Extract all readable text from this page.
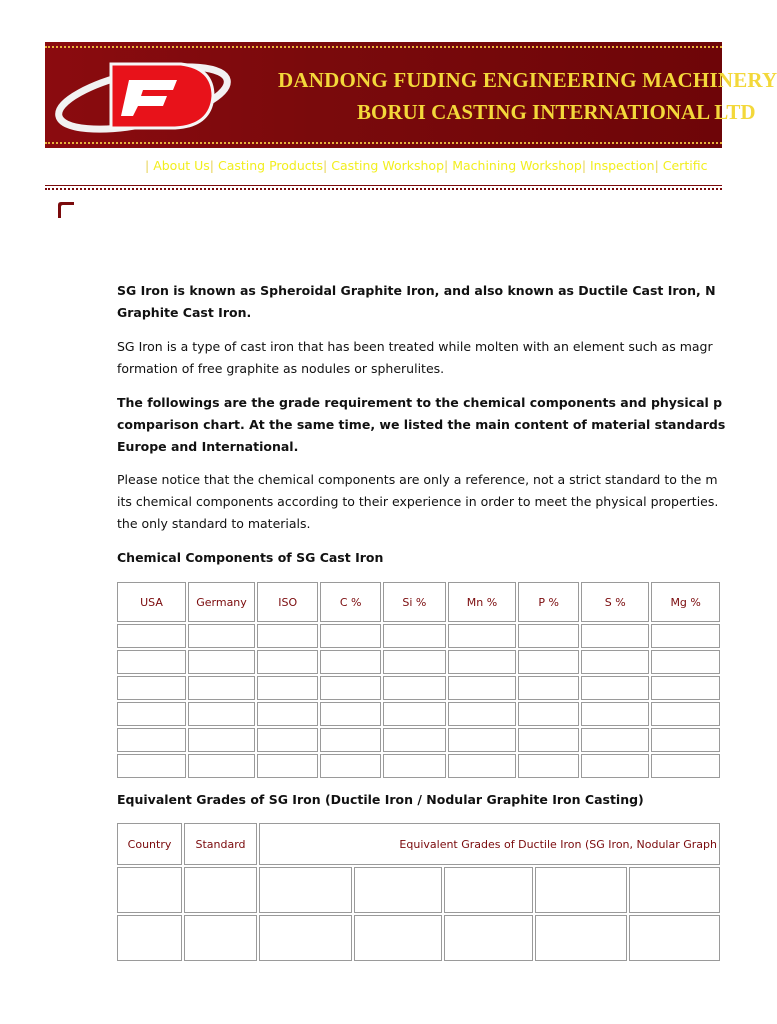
DANDONG FUDING ENGINEERING MACHINERY
BORUI CASTING INTERNATIONAL LTD
| About Us| Casting Products| Casting Workshop| Machining Workshop| Inspection| Certific
SG Iron is known as Spheroidal Graphite Iron, and also known as Ductile Cast Iron, N
Graphite Cast Iron.
SG Iron is a type of cast iron that has been treated while molten with an element such as magr
formation of free graphite as nodules or spherulites.
The followings are the grade requirement to the chemical components and physical p
comparison chart. At the same time, we listed the main content of material standards
Europe and International.
Please notice that the chemical components are only a reference, not a strict standard to the m
its chemical components according to their experience in order to meet the physical properties.
the only standard to materials.
Chemical Components of SG Cast Iron
USA	Germany	ISO	C %	Si %	Mn %	P %	S %	Mg %

Equivalent Grades of SG Iron (Ductile Iron / Nodular Graphite Iron Casting)
Country	Standard	Equivalent Grades of Ductile Iron (SG Iron, Nodular Graph				
